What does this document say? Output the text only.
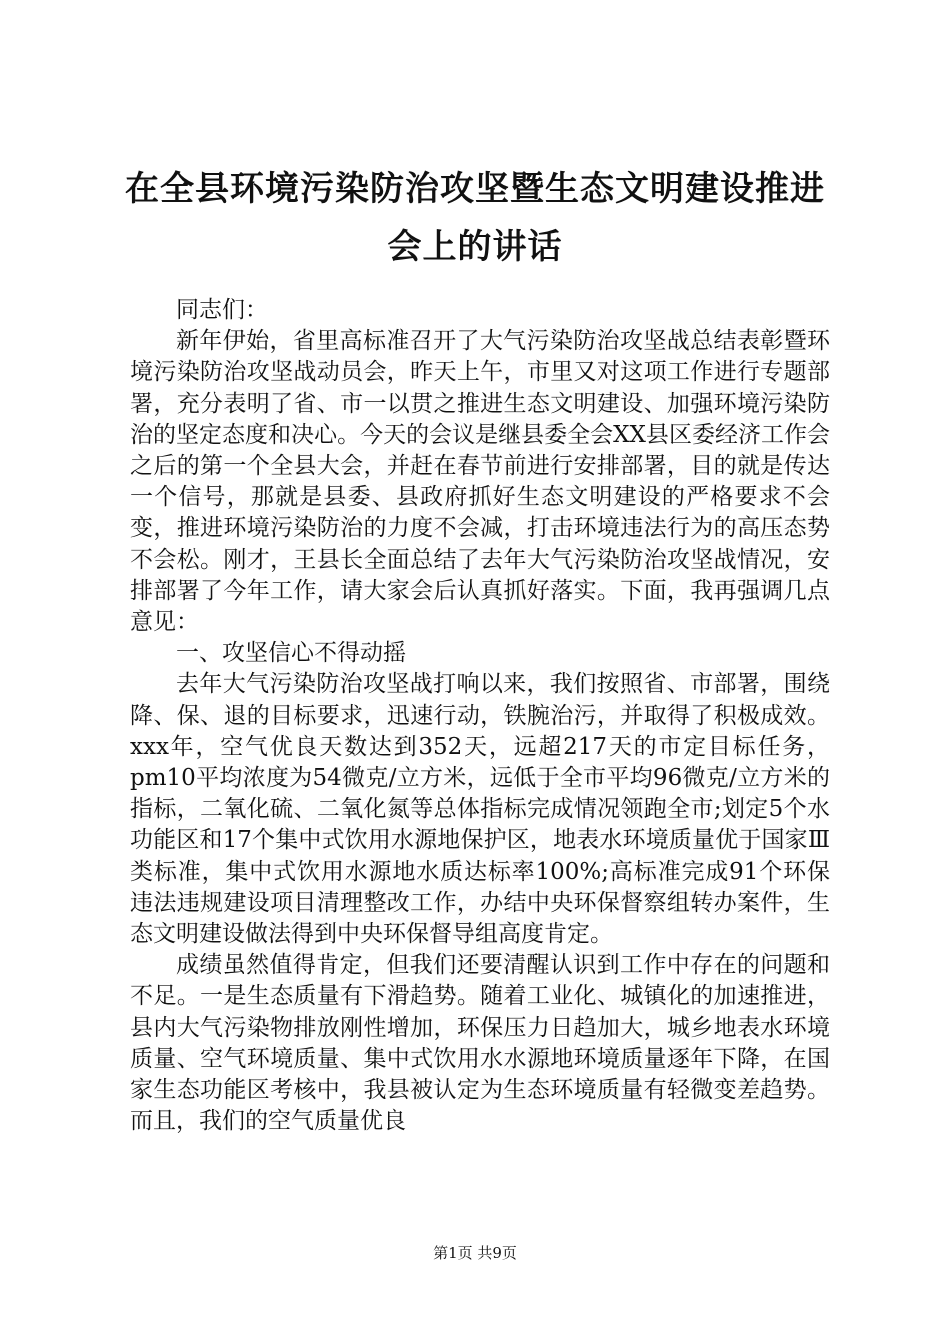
在全县环境污染防治攻坚暨生态文明建设推进
会上的讲话

同志们：

新年伊始，省里高标准召开了大气污染防治攻坚战总结表彰暨环境污染防治攻坚战动员会，昨天上午，市里又对这项工作进行专题部署，充分表明了省、市一以贯之推进生态文明建设、加强环境污染防治的坚定态度和决心。今天的会议是继县委全会XX县区委经济工作会之后的第一个全县大会，并赶在春节前进行安排部署，目的就是传达一个信号，那就是县委、县政府抓好生态文明建设的严格要求不会变，推进环境污染防治的力度不会减，打击环境违法行为的高压态势不会松。刚才，王县长全面总结了去年大气污染防治攻坚战情况，安排部署了今年工作，请大家会后认真抓好落实。下面，我再强调几点意见：

一、攻坚信心不得动摇

去年大气污染防治攻坚战打响以来，我们按照省、市部署，围绕降、保、退的目标要求，迅速行动，铁腕治污，并取得了积极成效。xxx年，空气优良天数达到352天，远超217天的市定目标任务，pm10平均浓度为54微克/立方米，远低于全市平均96微克/立方米的指标，二氧化硫、二氧化氮等总体指标完成情况领跑全市;划定5个水功能区和17个集中式饮用水源地保护区，地表水环境质量优于国家Ⅲ类标准，集中式饮用水源地水质达标率100%;高标准完成91个环保违法违规建设项目清理整改工作，办结中央环保督察组转办案件，生态文明建设做法得到中央环保督导组高度肯定。

成绩虽然值得肯定，但我们还要清醒认识到工作中存在的问题和不足。一是生态质量有下滑趋势。随着工业化、城镇化的加速推进，县内大气污染物排放刚性增加，环保压力日趋加大，城乡地表水环境质量、空气环境质量、集中式饮用水水源地环境质量逐年下降，在国家生态功能区考核中，我县被认定为生态环境质量有轻微变差趋势。而且，我们的空气质量优良

第1页 共9页
